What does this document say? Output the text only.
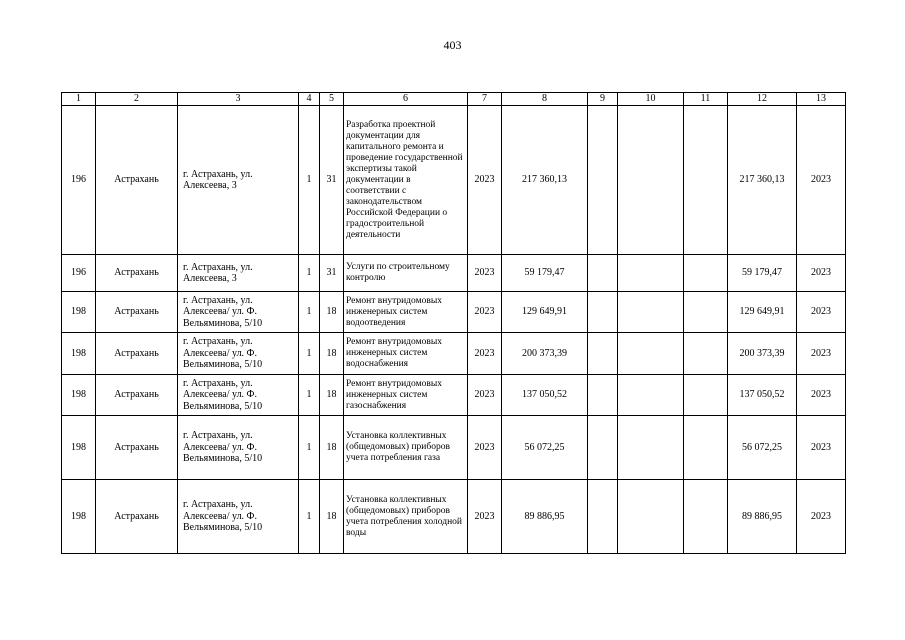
403
1	2	3	4	5	6	7	8	9	10	11	12	13
196	Астрахань	г. Астрахань, ул. Алексеева, 3	1	31	Разработка проектной документации для капитального ремонта и проведение государственной экспертизы такой документации в соответствии с законодательством Российской Федерации о градостроительной деятельности	2023	217 360,13				217 360,13	2023
196	Астрахань	г. Астрахань, ул. Алексеева, 3	1	31	Услуги по строительному контролю	2023	59 179,47				59 179,47	2023
198	Астрахань	г. Астрахань, ул. Алексеева/ ул. Ф. Вельяминова, 5/10	1	18	Ремонт внутридомовых инженерных систем водоотведения	2023	129 649,91				129 649,91	2023
198	Астрахань	г. Астрахань, ул. Алексеева/ ул. Ф. Вельяминова, 5/10	1	18	Ремонт внутридомовых инженерных систем водоснабжения	2023	200 373,39				200 373,39	2023
198	Астрахань	г. Астрахань, ул. Алексеева/ ул. Ф. Вельяминова, 5/10	1	18	Ремонт внутридомовых инженерных систем газоснабжения	2023	137 050,52				137 050,52	2023
198	Астрахань	г. Астрахань, ул. Алексеева/ ул. Ф. Вельяминова, 5/10	1	18	Установка коллективных (общедомовых) приборов учета потребления газа	2023	56 072,25				56 072,25	2023
198	Астрахань	г. Астрахань, ул. Алексеева/ ул. Ф. Вельяминова, 5/10	1	18	Установка коллективных (общедомовых) приборов учета потребления холодной воды	2023	89 886,95				89 886,95	2023
